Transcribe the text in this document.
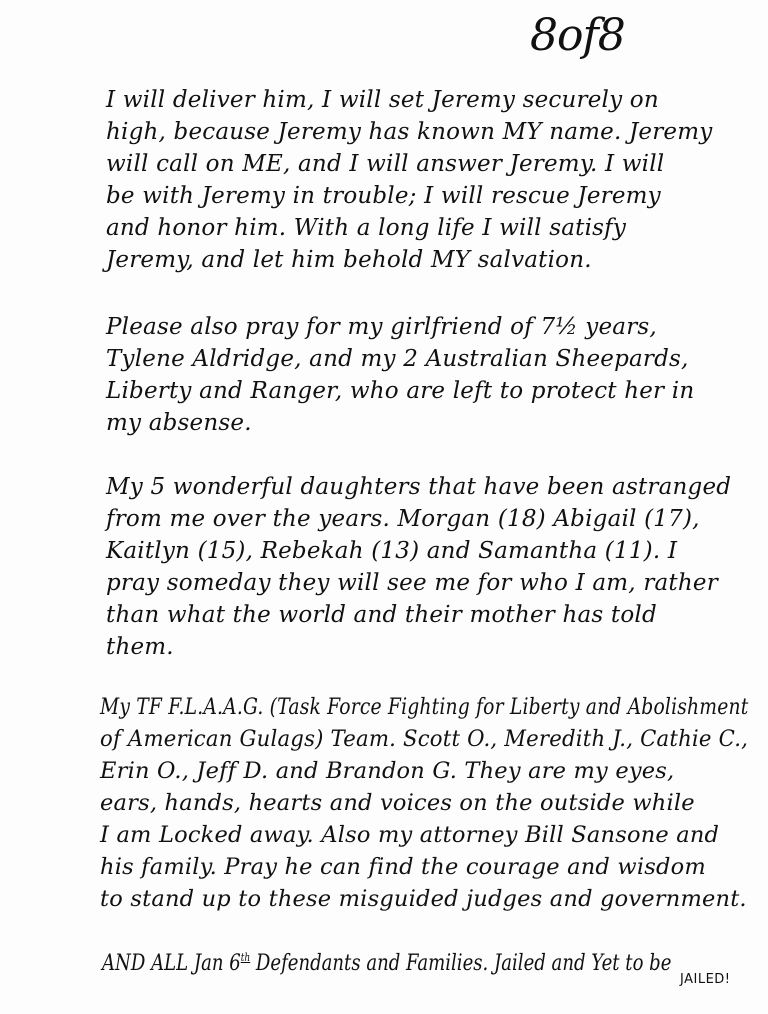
8of8
I will deliver him, I will set Jeremy securely on
high, because Jeremy has known MY name. Jeremy
will call on ME, and I will answer Jeremy. I will
be with Jeremy in trouble; I will rescue Jeremy
and honor him. With a long life I will satisfy
Jeremy, and let him behold MY salvation.
Please also pray for my girlfriend of 7½ years,
Tylene Aldridge, and my 2 Australian Sheepards,
Liberty and Ranger, who are left to protect her in
my absense.
My 5 wonderful daughters that have been astranged
from me over the years. Morgan (18) Abigail (17),
Kaitlyn (15), Rebekah (13) and Samantha (11). I
pray someday they will see me for who I am, rather
than what the world and their mother has told
them.
My TF F.L.A.A.G. (Task Force Fighting for Liberty and Abolishment
of American Gulags) Team. Scott O., Meredith J., Cathie C.,
Erin O., Jeff D. and Brandon G. They are my eyes,
ears, hands, hearts and voices on the outside while
I am Locked away. Also my attorney Bill Sansone and
his family. Pray he can find the courage and wisdom
to stand up to these misguided judges and government.
AND ALL Jan 6th Defendants and Families. Jailed and Yet to be
JAILED!
